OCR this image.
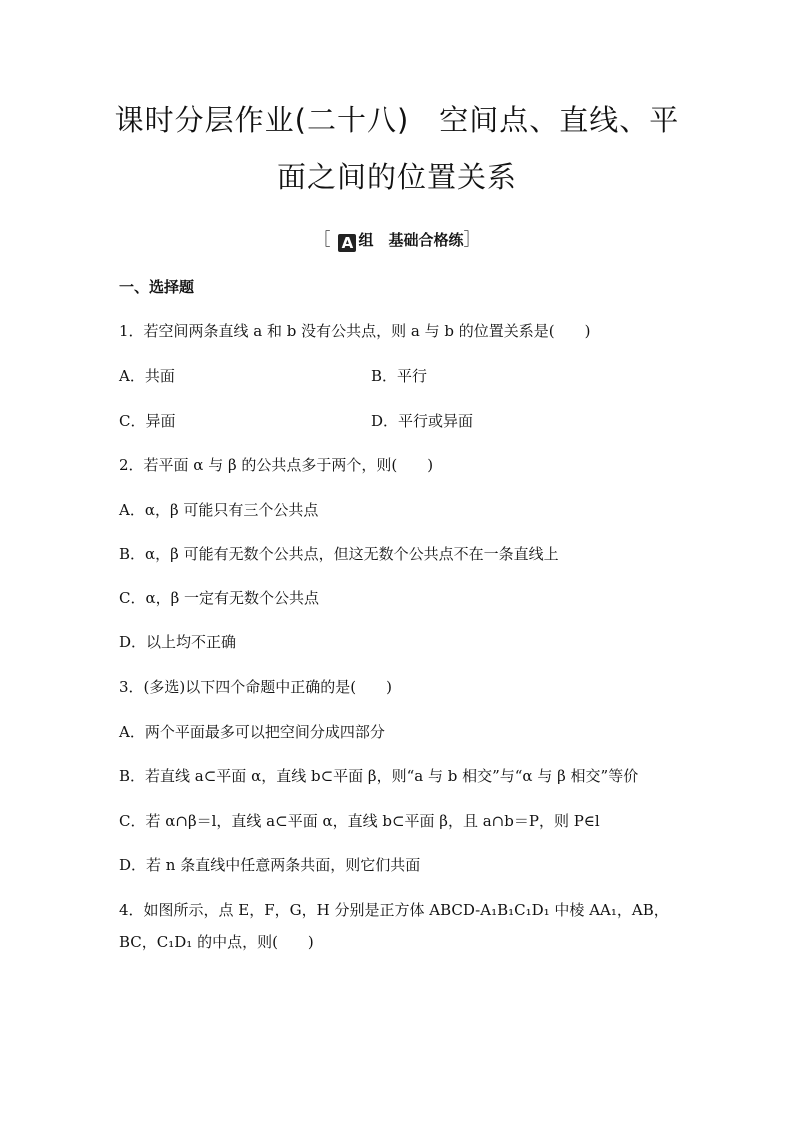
课时分层作业(二十八)　空间点、直线、平
面之间的位置关系
［ A 组　基础合格练］
一、选择题
1．若空间两条直线 a 和 b 没有公共点，则 a 与 b 的位置关系是(　　)
A．共面	B．平行
C．异面	D．平行或异面
2．若平面 α 与 β 的公共点多于两个，则(　　)
A．α，β 可能只有三个公共点
B．α，β 可能有无数个公共点，但这无数个公共点不在一条直线上
C．α，β 一定有无数个公共点
D．以上均不正确
3．(多选)以下四个命题中正确的是(　　)
A．两个平面最多可以把空间分成四部分
B．若直线 a⊂平面 α，直线 b⊂平面 β，则“a 与 b 相交”与“α 与 β 相交”等价
C．若 α∩β＝l，直线 a⊂平面 α，直线 b⊂平面 β，且 a∩b＝P，则 P∈l
D．若 n 条直线中任意两条共面，则它们共面
4．如图所示，点 E，F，G，H 分别是正方体 ABCD-A₁B₁C₁D₁ 中棱 AA₁，AB，
BC，C₁D₁ 的中点，则(　　)
